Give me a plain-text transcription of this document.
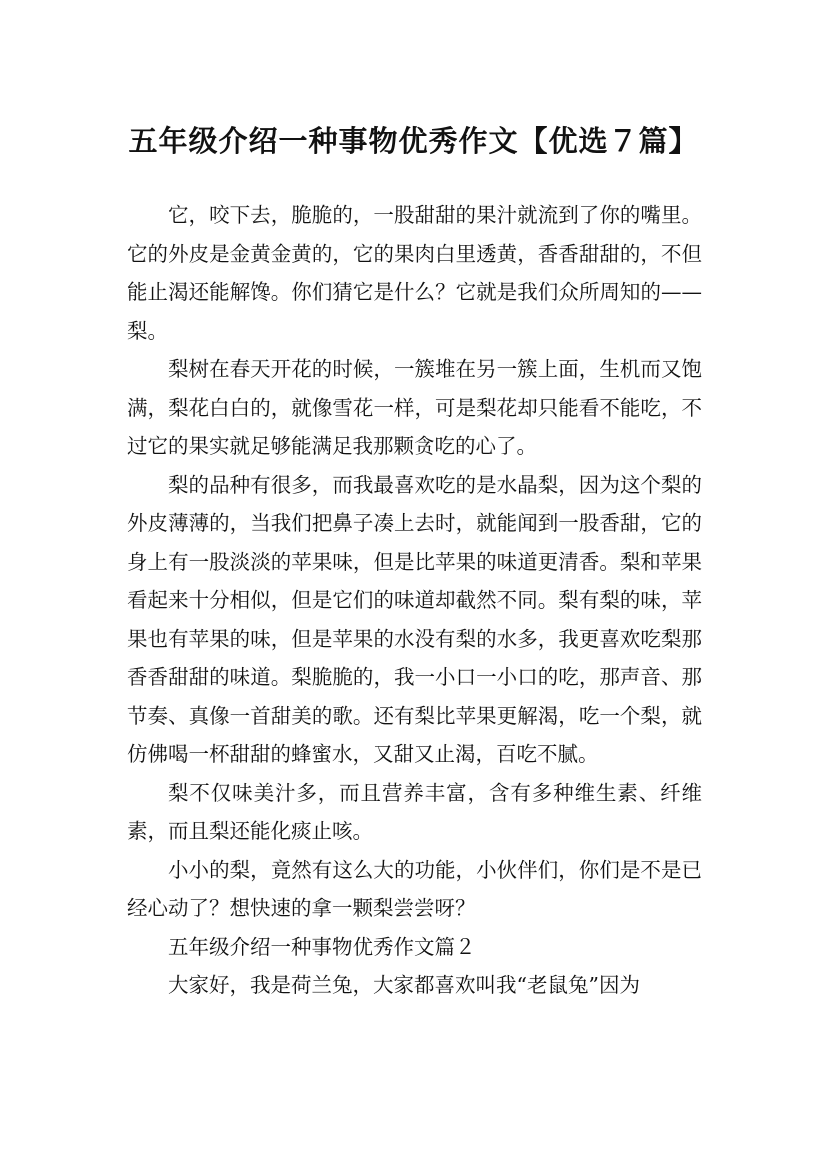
五年级介绍一种事物优秀作文【优选７篇】

它，咬下去，脆脆的，一股甜甜的果汁就流到了你的嘴里。它的外皮是金黄金黄的，它的果肉白里透黄，香香甜甜的，不但能止渴还能解馋。你们猜它是什么？它就是我们众所周知的——梨。

梨树在春天开花的时候，一簇堆在另一簇上面，生机而又饱满，梨花白白的，就像雪花一样，可是梨花却只能看不能吃，不过它的果实就足够能满足我那颗贪吃的心了。

梨的品种有很多，而我最喜欢吃的是水晶梨，因为这个梨的外皮薄薄的，当我们把鼻子凑上去时，就能闻到一股香甜，它的身上有一股淡淡的苹果味，但是比苹果的味道更清香。梨和苹果看起来十分相似，但是它们的味道却截然不同。梨有梨的味，苹果也有苹果的味，但是苹果的水没有梨的水多，我更喜欢吃梨那香香甜甜的味道。梨脆脆的，我一小口一小口的吃，那声音、那节奏、真像一首甜美的歌。还有梨比苹果更解渴，吃一个梨，就仿佛喝一杯甜甜的蜂蜜水，又甜又止渴，百吃不腻。

梨不仅味美汁多，而且营养丰富，含有多种维生素、纤维素，而且梨还能化痰止咳。

小小的梨，竟然有这么大的功能，小伙伴们，你们是不是已经心动了？想快速的拿一颗梨尝尝呀？

五年级介绍一种事物优秀作文篇２

大家好，我是荷兰兔，大家都喜欢叫我“老鼠兔”因为
